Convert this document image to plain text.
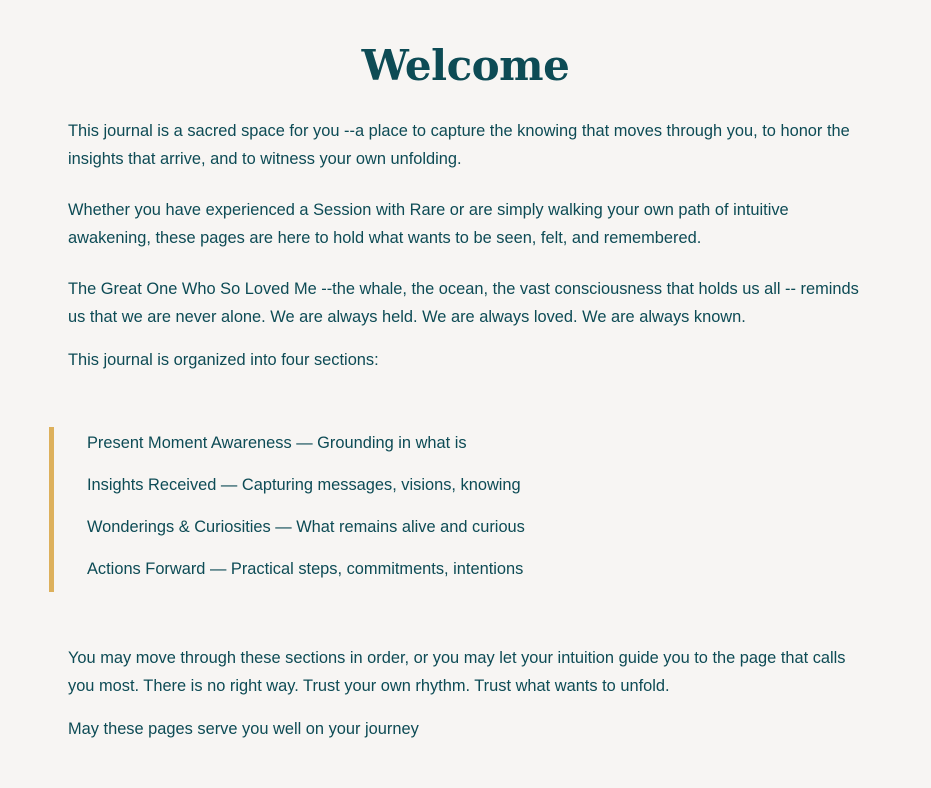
Welcome

This journal is a sacred space for you --a place to capture the knowing that moves through you, to honor the insights that arrive, and to witness your own unfolding.

Whether you have experienced a Session with Rare or are simply walking your own path of intuitive awakening, these pages are here to hold what wants to be seen, felt, and remembered.

The Great One Who So Loved Me --the whale, the ocean, the vast consciousness that holds us all -- reminds us that we are never alone. We are always held. We are always loved. We are always known.

This journal is organized into four sections:

Present Moment Awareness — Grounding in what is
Insights Received — Capturing messages, visions, knowing
Wonderings & Curiosities — What remains alive and curious
Actions Forward — Practical steps, commitments, intentions

You may move through these sections in order, or you may let your intuition guide you to the page that calls you most. There is no right way. Trust your own rhythm. Trust what wants to unfold.

May these pages serve you well on your journey
